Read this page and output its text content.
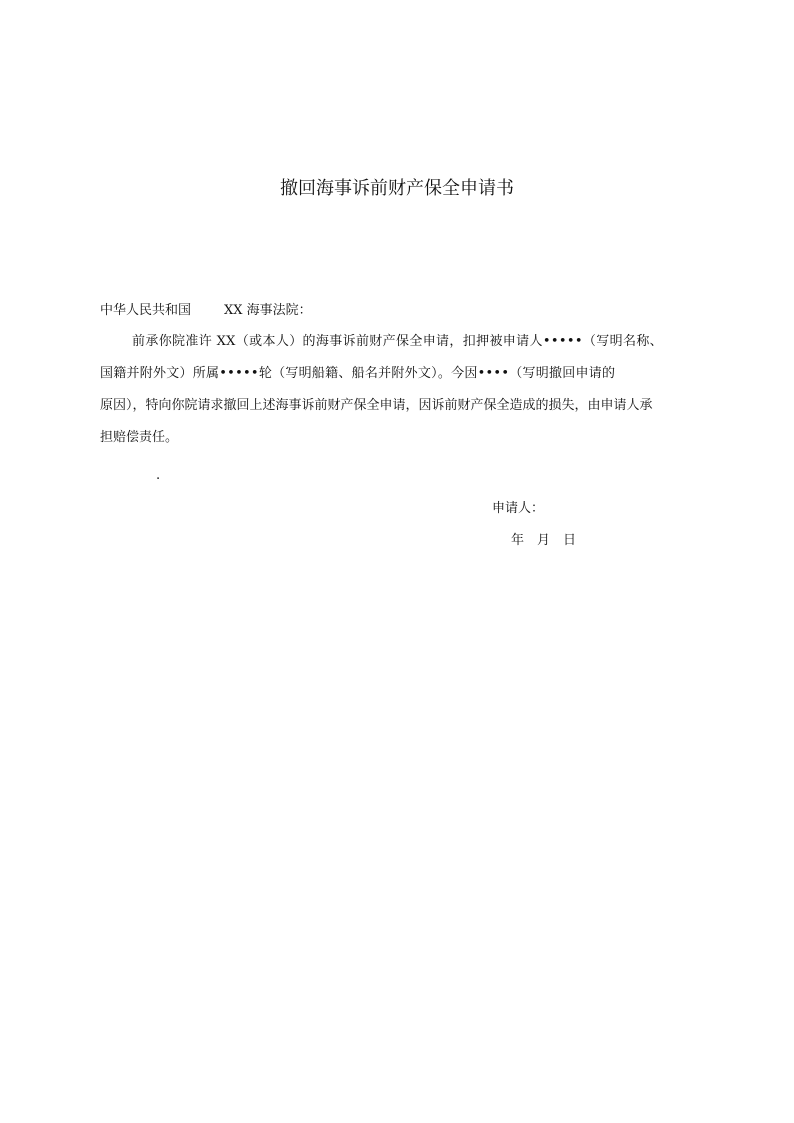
撤回海事诉前财产保全申请书
中华人民共和国	XX 海事法院：
前承你院准许 XX（或本人）的海事诉前财产保全申请，扣押被申请人•••••（写明名称、
国籍并附外文）所属•••••轮（写明船籍、船名并附外文）。今因••••（写明撤回申请的
原因），特向你院请求撤回上述海事诉前财产保全申请，因诉前财产保全造成的损失，由申请人承
担赔偿责任。
.
申请人：
年　月　日
